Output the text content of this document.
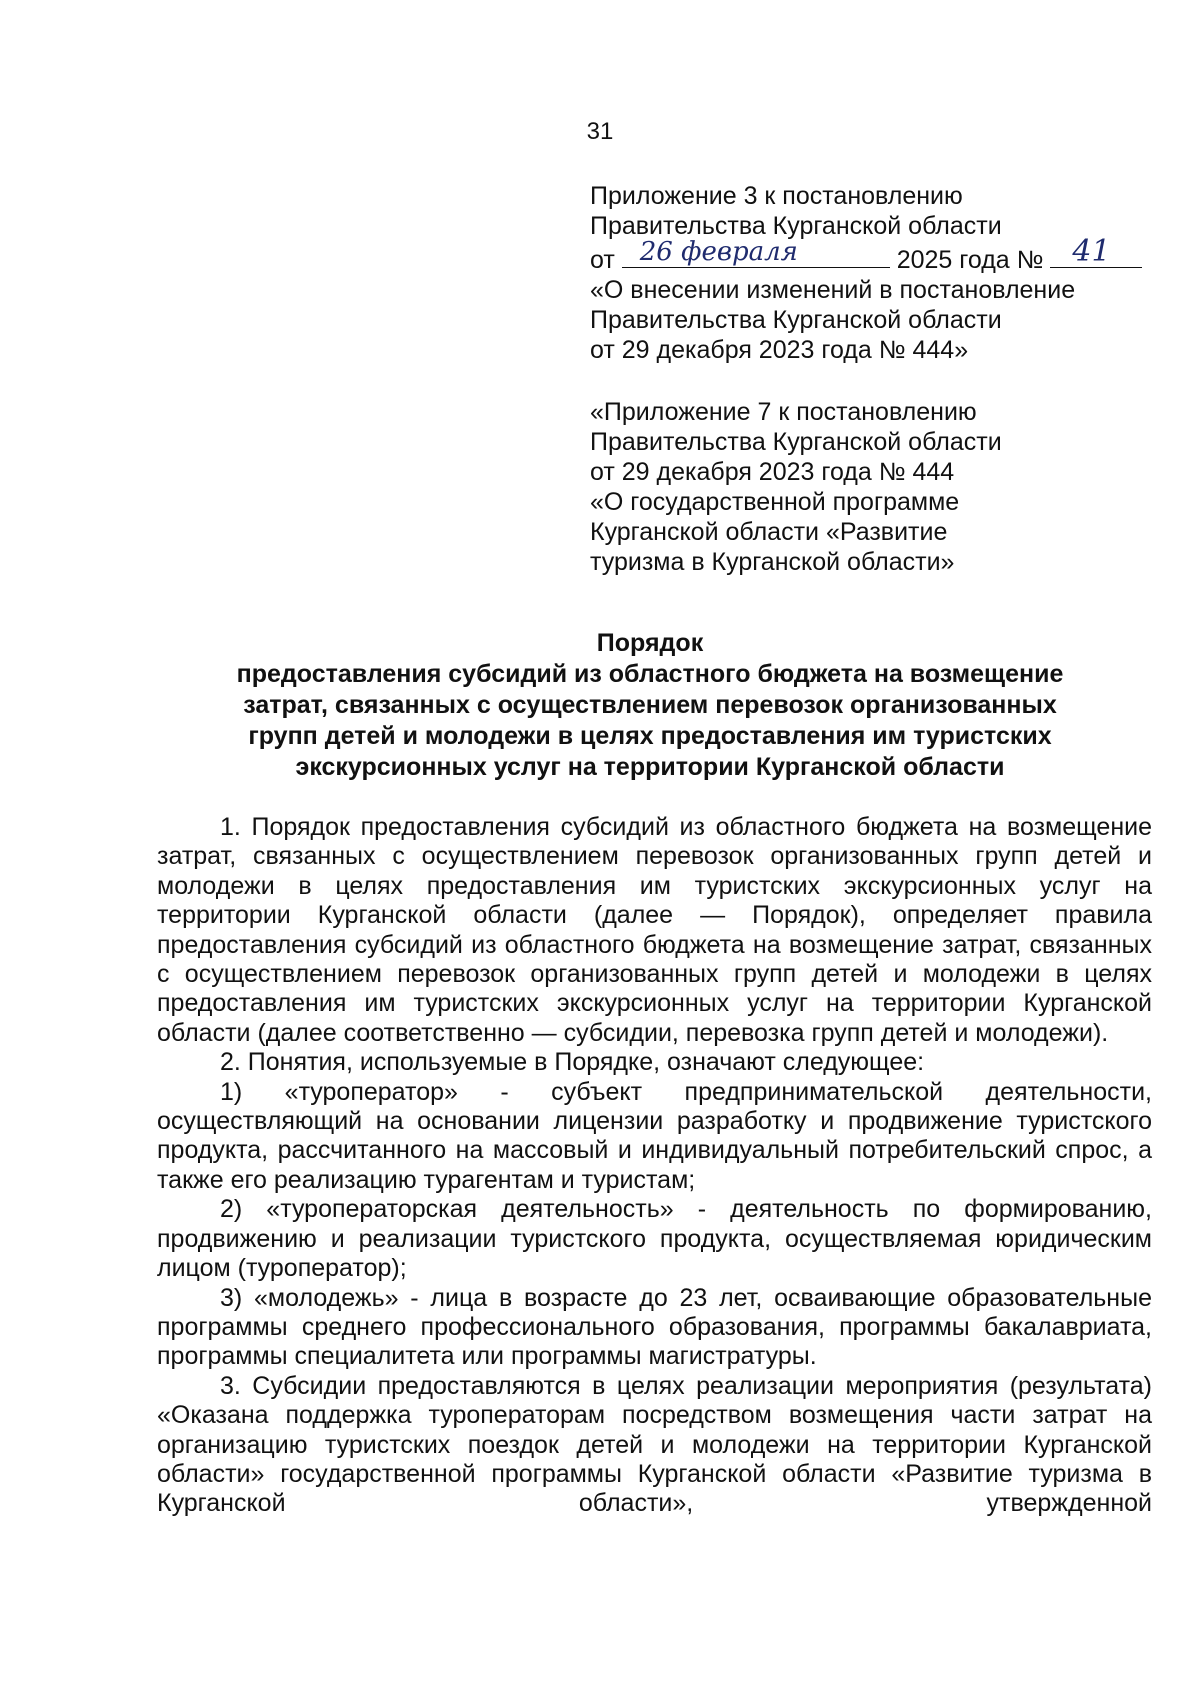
31
Приложение 3 к постановлению
Правительства Курганской области
от 26 февраля	2025 года № 41
«О внесении изменений в постановление
Правительства Курганской области
от 29 декабря 2023 года № 444»
«Приложение 7 к постановлению
Правительства Курганской области
от 29 декабря 2023 года № 444
«О государственной программе
Курганской области «Развитие
туризма в Курганской области»
Порядок
предоставления субсидий из областного бюджета на возмещение
затрат, связанных с осуществлением перевозок организованных
групп детей и молодежи в целях предоставления им туристских
экскурсионных услуг на территории Курганской области

1. Порядок предоставления субсидий из областного бюджета на возмещение затрат, связанных с осуществлением перевозок организованных групп детей и молодежи в целях предоставления им туристских экскурсионных услуг на территории Курганской области (далее — Порядок), определяет правила предоставления субсидий из областного бюджета на возмещение затрат, связанных с осуществлением перевозок организованных групп детей и молодежи в целях предоставления им туристских экскурсионных услуг на территории Курганской области (далее соответственно — субсидии, перевозка групп детей и молодежи).

2. Понятия, используемые в Порядке, означают следующее:

1) «туроператор» - субъект предпринимательской деятельности, осуществляющий на основании лицензии разработку и продвижение туристского продукта, рассчитанного на массовый и индивидуальный потребительский спрос, а также его реализацию турагентам и туристам;

2) «туроператорская деятельность» - деятельность по формированию, продвижению и реализации туристского продукта, осуществляемая юридическим лицом (туроператор);

3) «молодежь» - лица в возрасте до 23 лет, осваивающие образовательные программы среднего профессионального образования, программы бакалавриата, программы специалитета или программы магистратуры.

3. Субсидии предоставляются в целях реализации мероприятия (результата) «Оказана поддержка туроператорам посредством возмещения части затрат на организацию туристских поездок детей и молодежи на территории Курганской области» государственной программы Курганской области «Развитие туризма в Курганской области», утвержденной
